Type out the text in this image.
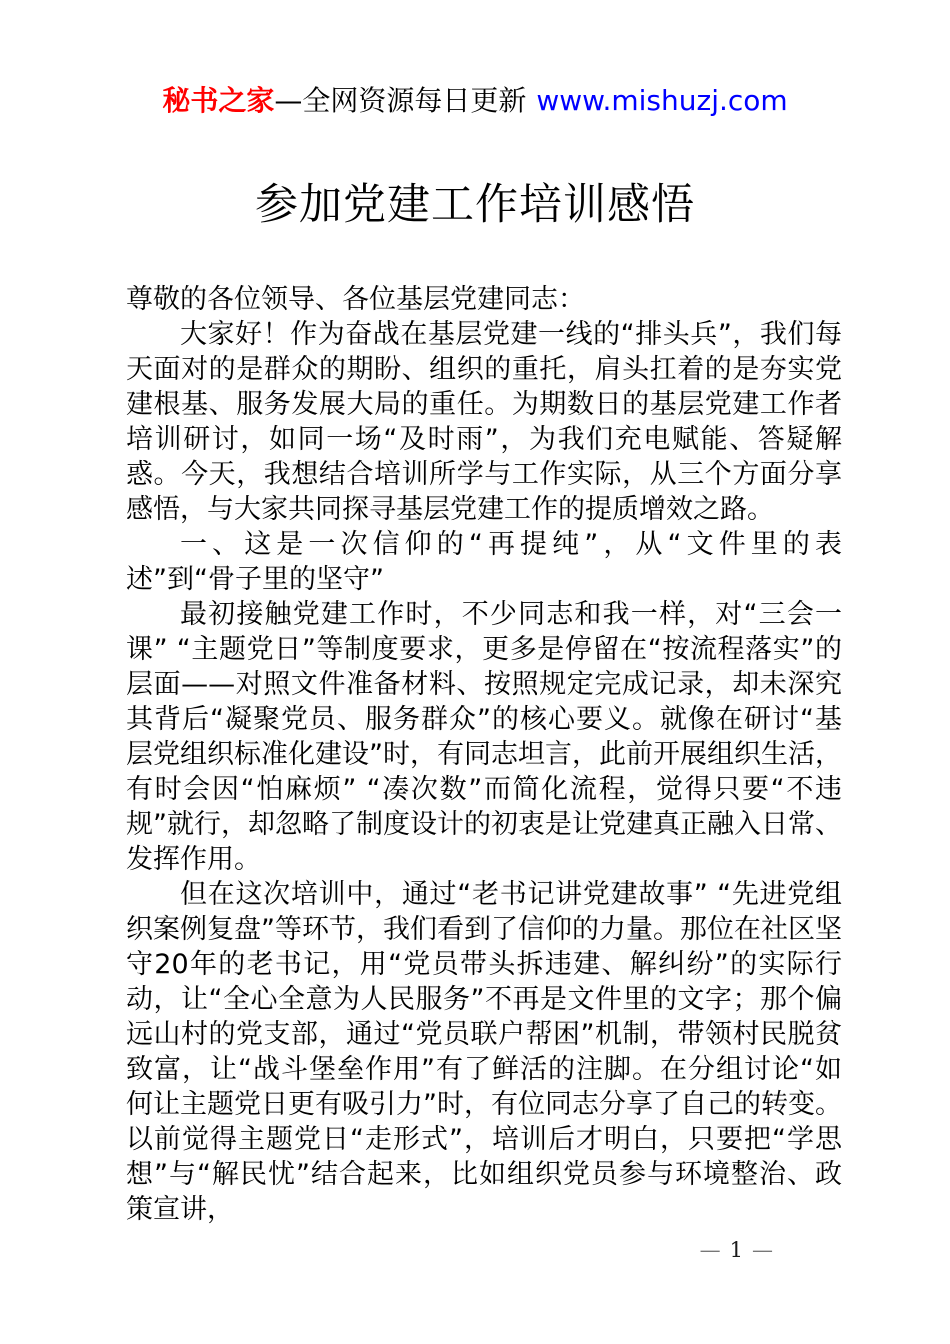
秘书之家—全网资源每日更新 www.mishuzj.com
参加党建工作培训感悟

尊敬的各位领导、各位基层党建同志：

大家好！作为奋战在基层党建一线的“排头兵”，我们每天面对的是群众的期盼、组织的重托，肩头扛着的是夯实党建根基、服务发展大局的重任。为期数日的基层党建工作者培训研讨，如同一场“及时雨”，为我们充电赋能、答疑解惑。今天，我想结合培训所学与工作实际，从三个方面分享感悟，与大家共同探寻基层党建工作的提质增效之路。

一、这是一次信仰的“再提纯”，从“文件里的表述”到“骨子里的坚守”

最初接触党建工作时，不少同志和我一样，对“三会一课” “主题党日”等制度要求，更多是停留在“按流程落实”的层面——对照文件准备材料、按照规定完成记录，却未深究其背后“凝聚党员、服务群众”的核心要义。就像在研讨“基层党组织标准化建设”时，有同志坦言，此前开展组织生活，有时会因“怕麻烦” “凑次数”而简化流程，觉得只要“不违规”就行，却忽略了制度设计的初衷是让党建真正融入日常、发挥作用。

但在这次培训中，通过“老书记讲党建故事” “先进党组织案例复盘”等环节，我们看到了信仰的力量。那位在社区坚守20年的老书记，用“党员带头拆违建、解纠纷”的实际行动，让“全心全意为人民服务”不再是文件里的文字；那个偏远山村的党支部，通过“党员联户帮困”机制，带领村民脱贫致富，让“战斗堡垒作用”有了鲜活的注脚。在分组讨论“如何让主题党日更有吸引力”时，有位同志分享了自己的转变。以前觉得主题党日“走形式”，培训后才明白，只要把“学思想”与“解民忧”结合起来，比如组织党员参与环境整治、政策宣讲，

— 1 —
